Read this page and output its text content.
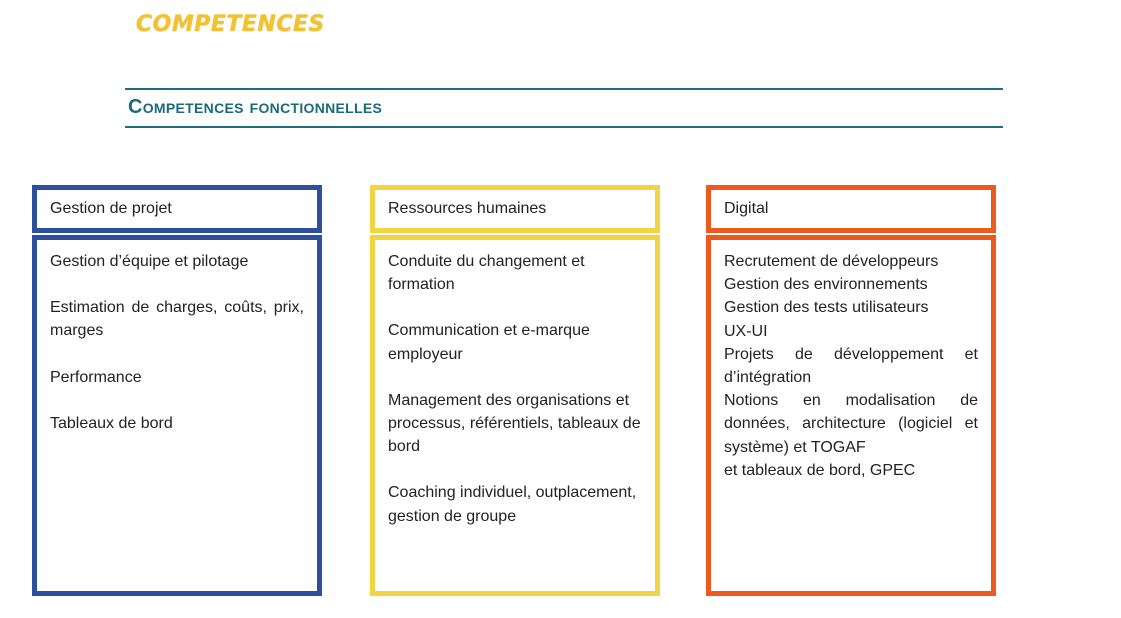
COMPETENCES
Competences fonctionnelles
Gestion de projet
Gestion d’équipe et pilotage
Estimation de charges, coûts, prix, marges
Performance
Tableaux de bord
Ressources humaines
Conduite du changement et formation
Communication et e-marque employeur
Management des organisations et processus, référentiels, tableaux de bord
Coaching individuel, outplacement, gestion de groupe
Digital
Recrutement de développeurs
Gestion des environnements
Gestion des tests utilisateurs
UX-UI
Projets de développement et d’intégration
Notions en modalisation de données, architecture (logiciel et système) et TOGAF
et tableaux de bord, GPEC
